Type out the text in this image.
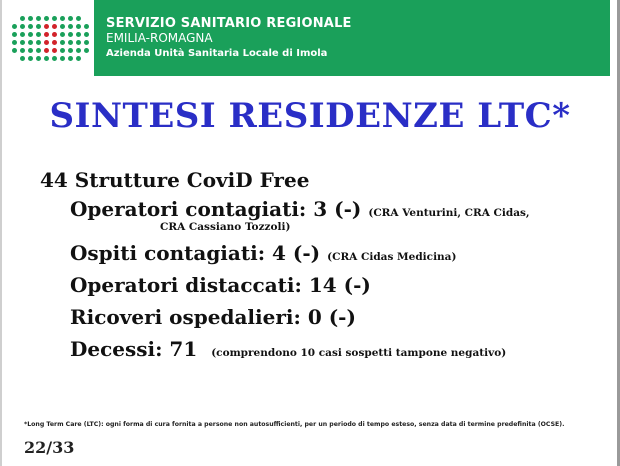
SERVIZIO SANITARIO REGIONALE
EMILIA-ROMAGNA
Azienda Unità Sanitaria Locale di Imola
SINTESI RESIDENZE LTC*
44 Strutture CoviD Free
Operatori contagiati: 3 (-) (CRA Venturini, CRA Cidas,
CRA Cassiano Tozzoli)
Ospiti contagiati: 4 (-) (CRA Cidas Medicina)
Operatori distaccati: 14 (-)
Ricoveri ospedalieri: 0 (-)
Decessi: 71 (comprendono 10 casi sospetti tampone negativo)
*Long Term Care (LTC): ogni forma di cura fornita a persone non autosufficienti, per un periodo di tempo esteso, senza data di termine predefinita (OCSE).
22/33
